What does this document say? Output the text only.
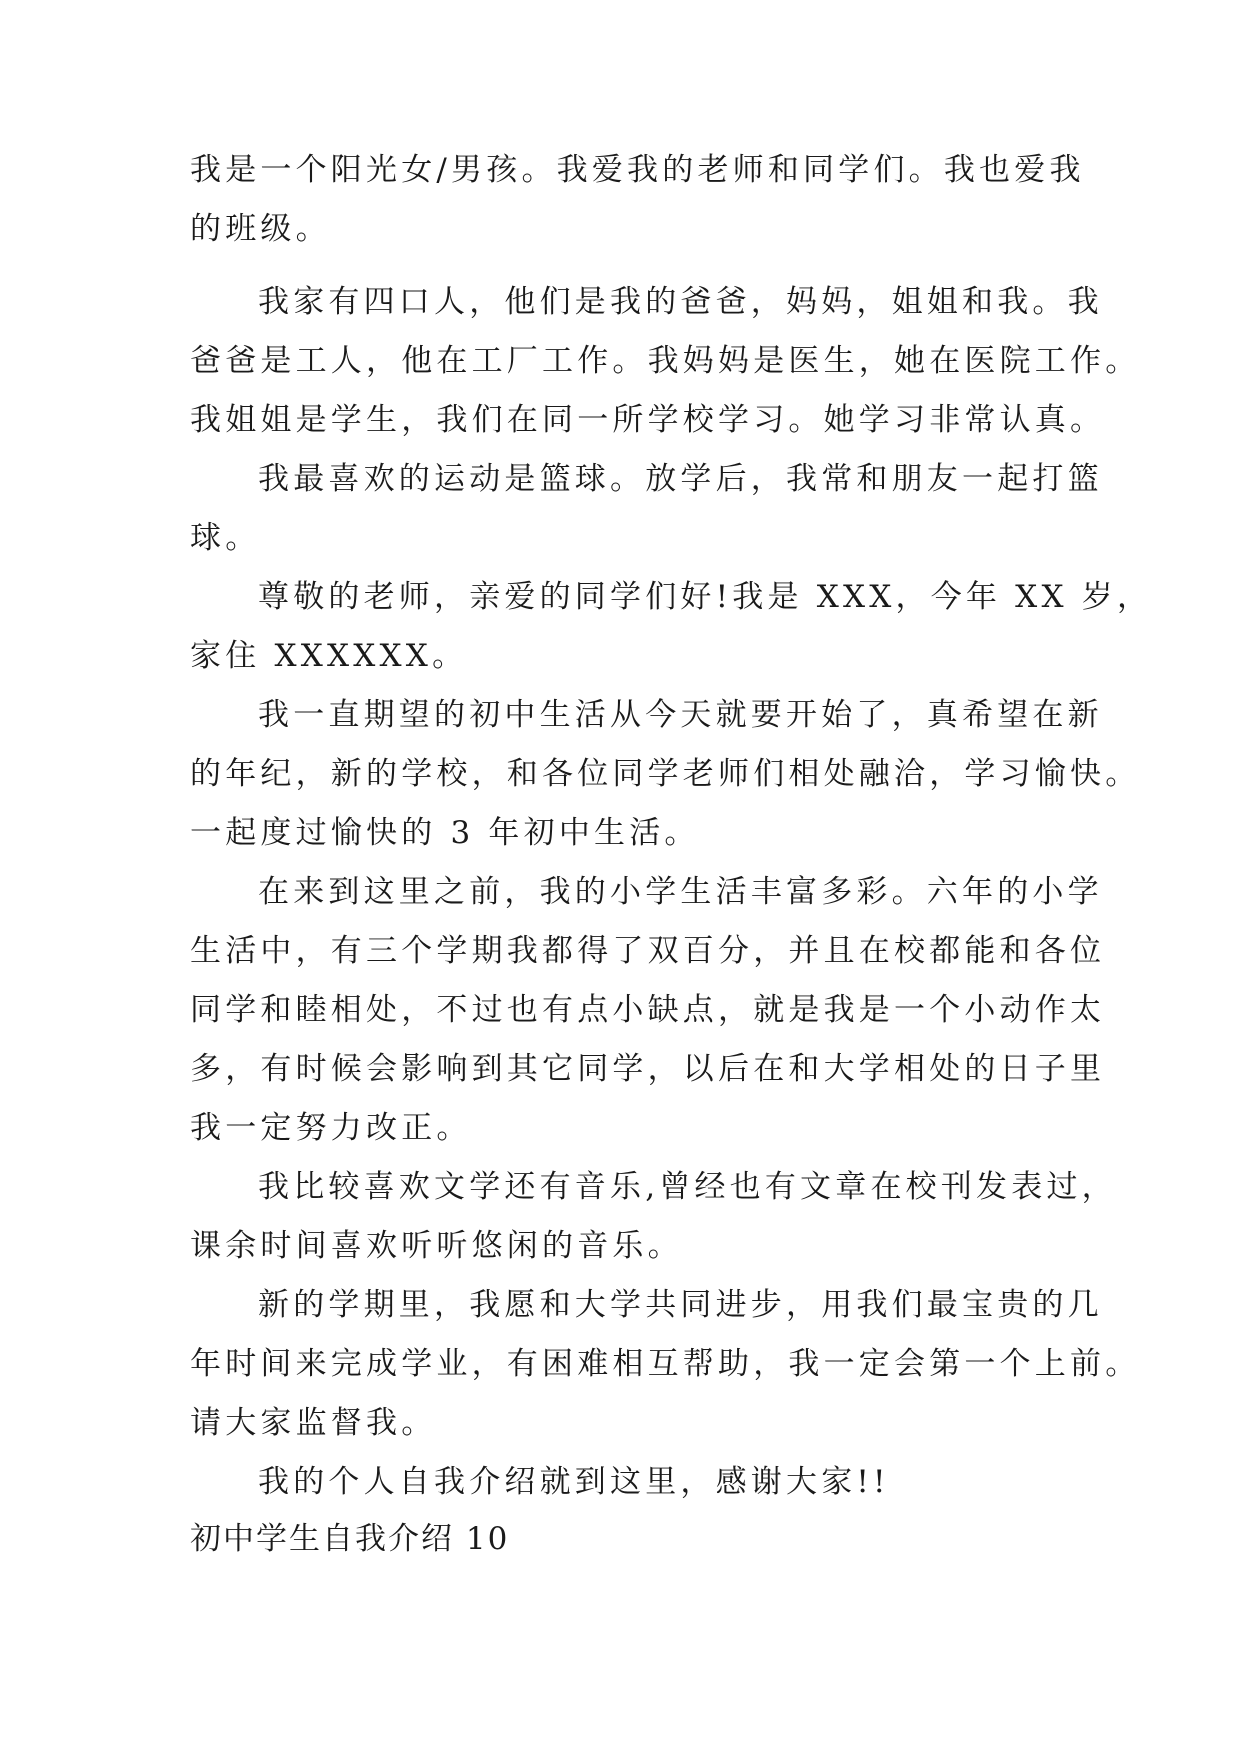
我是一个阳光女/男孩。我爱我的老师和同学们。我也爱我
的班级。
我家有四口人，他们是我的爸爸，妈妈，姐姐和我。我
爸爸是工人，他在工厂工作。我妈妈是医生，她在医院工作。
我姐姐是学生，我们在同一所学校学习。她学习非常认真。
我最喜欢的运动是篮球。放学后，我常和朋友一起打篮
球。
尊敬的老师，亲爱的同学们好!我是 XXX，今年 XX 岁，
家住 XXXXXX。
我一直期望的初中生活从今天就要开始了，真希望在新
的年纪，新的学校，和各位同学老师们相处融洽，学习愉快。
一起度过愉快的 3 年初中生活。
在来到这里之前，我的小学生活丰富多彩。六年的小学
生活中，有三个学期我都得了双百分，并且在校都能和各位
同学和睦相处，不过也有点小缺点，就是我是一个小动作太
多，有时候会影响到其它同学，以后在和大学相处的日子里
我一定努力改正。
我比较喜欢文学还有音乐,曾经也有文章在校刊发表过，
课余时间喜欢听听悠闲的音乐。
新的学期里，我愿和大学共同进步，用我们最宝贵的几
年时间来完成学业，有困难相互帮助，我一定会第一个上前。
请大家监督我。
我的个人自我介绍就到这里，感谢大家!!
初中学生自我介绍 10
